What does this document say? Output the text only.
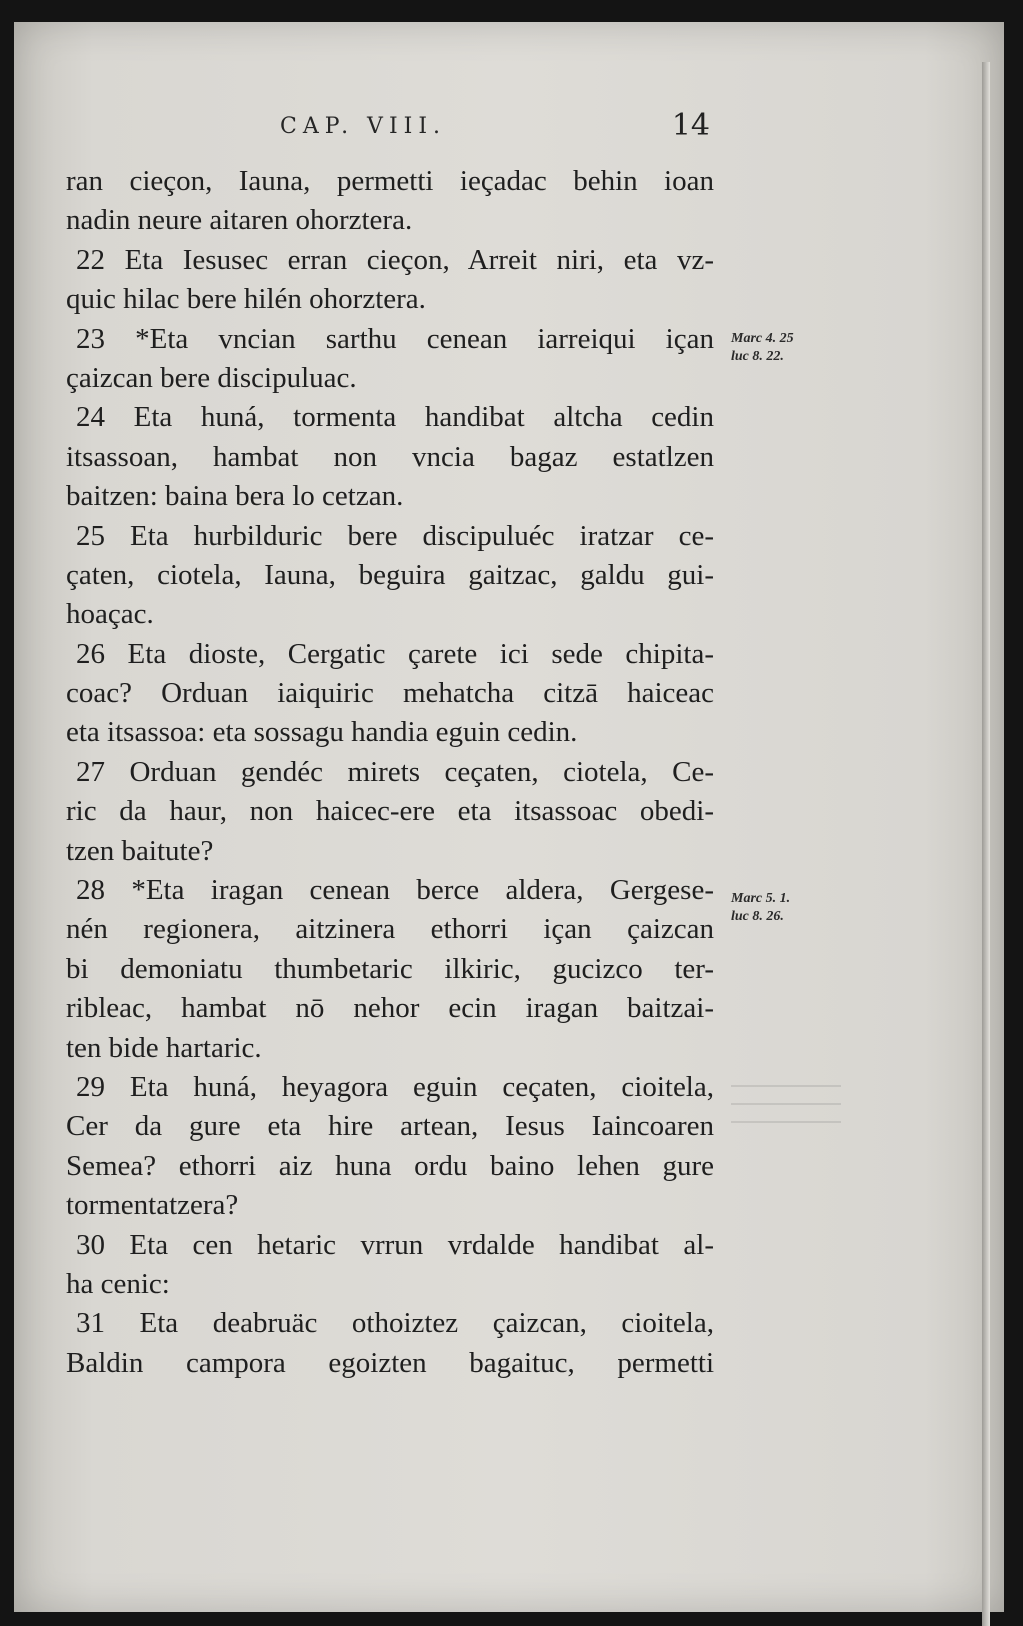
CAP. VIII.	14
ran cieçon, Iauna, permetti ieçadac behin ioan
nadin neure aitaren ohorztera.
22 Eta Iesusec erran cieçon, Arreit niri, eta vz-
quic hilac bere hilén ohorztera.
23 *Eta vncian sarthu cenean iarreiqui içan
çaizcan bere discipuluac.
24 Eta huná, tormenta handibat altcha cedin
itsassoan, hambat non vncia bagaz estatlzen
baitzen: baina bera lo cetzan.
25 Eta hurbilduric bere discipuluéc iratzar ce-
çaten, ciotela, Iauna, beguira gaitzac, galdu gui-
hoaçac.
26 Eta dioste, Cergatic çarete ici sede chipita-
coac? Orduan iaiquiric mehatcha citzā haiceac
eta itsassoa: eta sossagu handia eguin cedin.
27 Orduan gendéc mirets ceçaten, ciotela, Ce-
ric da haur, non haicec-ere eta itsassoac obedi-
tzen baitute?
28 *Eta iragan cenean berce aldera, Gergese-
nén regionera, aitzinera ethorri içan çaizcan
bi demoniatu thumbetaric ilkiric, gucizco ter-
ribleac, hambat nō nehor ecin iragan baitzai-
ten bide hartaric.
29 Eta huná, heyagora eguin ceçaten, cioitela,
Cer da gure eta hire artean, Iesus Iaincoaren
Semea? ethorri aiz huna ordu baino lehen gure
tormentatzera?
30 Eta cen hetaric vrrun vrdalde handibat al-
ha cenic:
31 Eta deabruäc othoiztez çaizcan, cioitela,
Baldin campora egoizten bagaituc, permetti
Marc 4. 25
luc 8. 22.
Marc 5. 1.
luc 8. 26.
